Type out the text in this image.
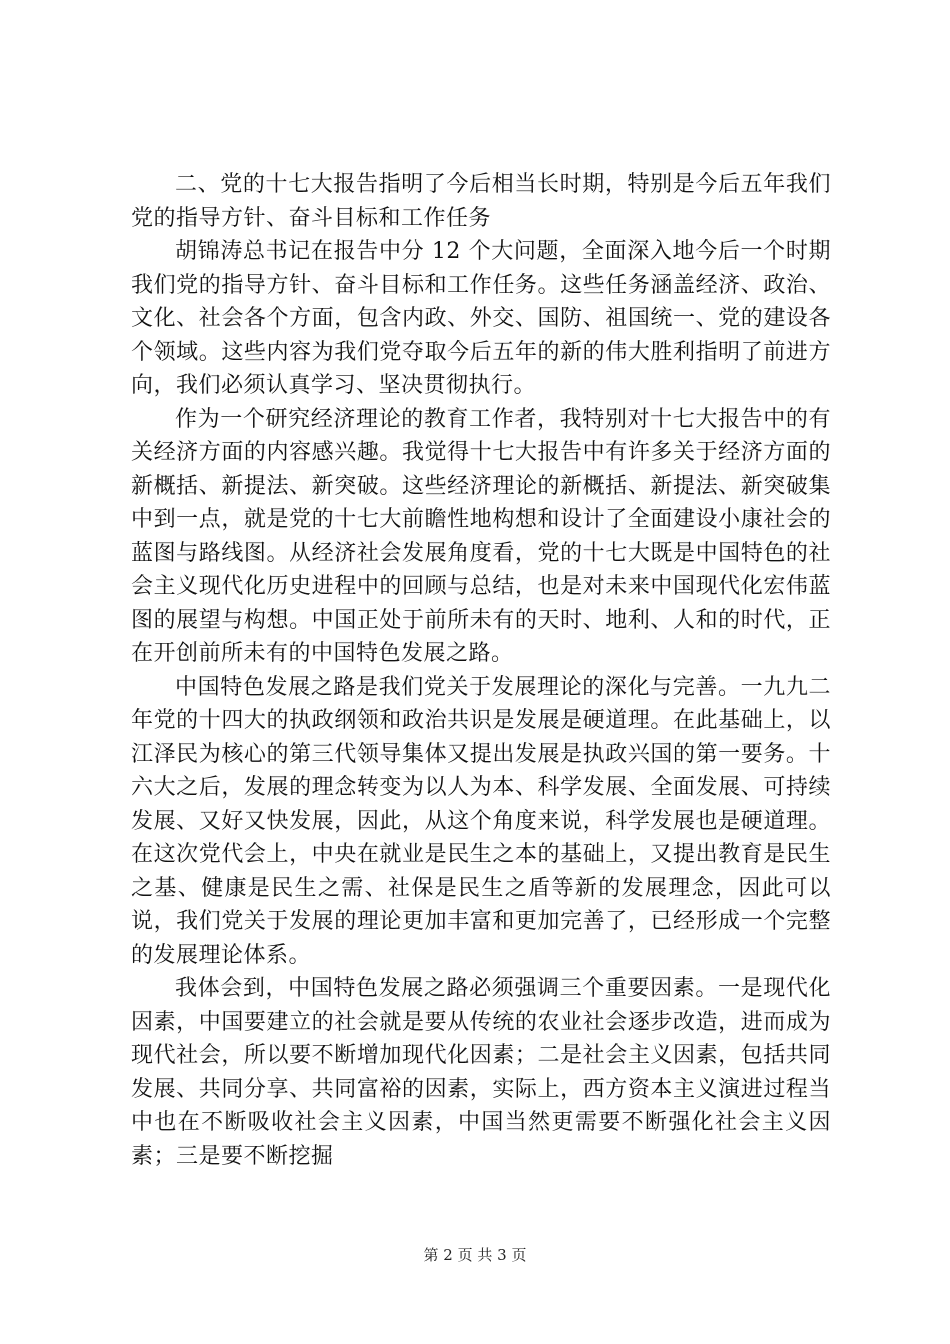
二、党的十七大报告指明了今后相当长时期，特别是今后五年我们党的指导方针、奋斗目标和工作任务

胡锦涛总书记在报告中分 12 个大问题，全面深入地今后一个时期我们党的指导方针、奋斗目标和工作任务。这些任务涵盖经济、政治、文化、社会各个方面，包含内政、外交、国防、祖国统一、党的建设各个领域。这些内容为我们党夺取今后五年的新的伟大胜利指明了前进方向，我们必须认真学习、坚决贯彻执行。

作为一个研究经济理论的教育工作者，我特别对十七大报告中的有关经济方面的内容感兴趣。我觉得十七大报告中有许多关于经济方面的新概括、新提法、新突破。这些经济理论的新概括、新提法、新突破集中到一点，就是党的十七大前瞻性地构想和设计了全面建设小康社会的蓝图与路线图。从经济社会发展角度看，党的十七大既是中国特色的社会主义现代化历史进程中的回顾与总结，也是对未来中国现代化宏伟蓝图的展望与构想。中国正处于前所未有的天时、地利、人和的时代，正在开创前所未有的中国特色发展之路。

中国特色发展之路是我们党关于发展理论的深化与完善。一九九二年党的十四大的执政纲领和政治共识是发展是硬道理。在此基础上，以江泽民为核心的第三代领导集体又提出发展是执政兴国的第一要务。十六大之后，发展的理念转变为以人为本、科学发展、全面发展、可持续发展、又好又快发展，因此，从这个角度来说，科学发展也是硬道理。在这次党代会上，中央在就业是民生之本的基础上，又提出教育是民生之基、健康是民生之需、社保是民生之盾等新的发展理念，因此可以说，我们党关于发展的理论更加丰富和更加完善了，已经形成一个完整的发展理论体系。

我体会到，中国特色发展之路必须强调三个重要因素。一是现代化因素，中国要建立的社会就是要从传统的农业社会逐步改造，进而成为现代社会，所以要不断增加现代化因素；二是社会主义因素，包括共同发展、共同分享、共同富裕的因素，实际上，西方资本主义演进过程当中也在不断吸收社会主义因素，中国当然更需要不断强化社会主义因素；三是要不断挖掘

第 2 页 共 3 页
